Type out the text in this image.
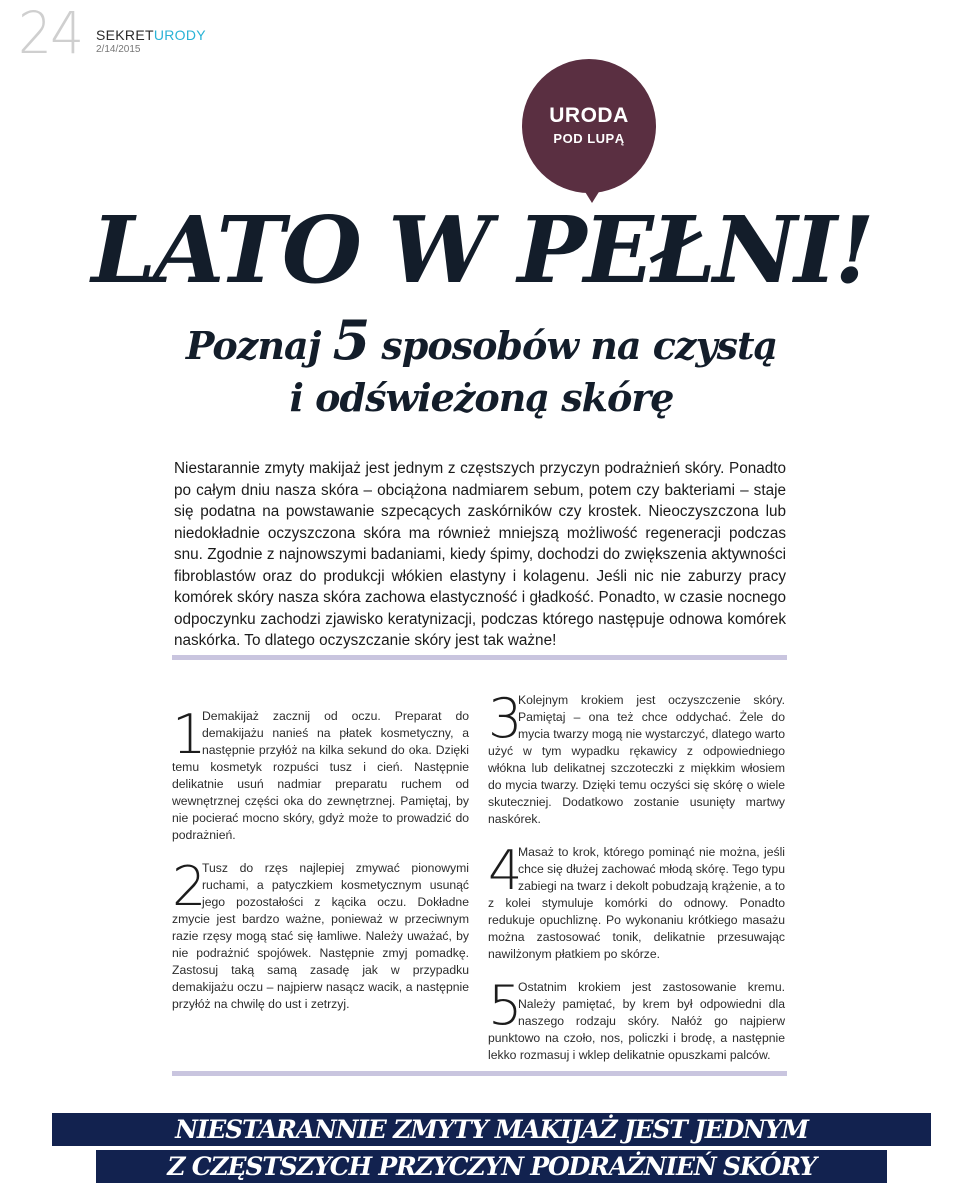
24 SEKRETURODY
2/14/2015
URODA
POD LUPĄ
LATO W PEŁNI!
Poznaj 5 sposobów na czystą
i odświeżoną skórę

Niestarannie zmyty makijaż jest jednym z częstszych przyczyn podrażnień skóry. Ponadto po całym dniu nasza skóra – obciążona nadmiarem sebum, potem czy bakteriami – staje się podatna na powstawanie szpecących zaskórników czy krostek. Nieoczyszczona lub niedokładnie oczyszczona skóra ma również mniejszą możliwość regeneracji podczas snu. Zgodnie z najnowszymi badaniami, kiedy śpimy, dochodzi do zwiększenia aktywności fibroblastów oraz do produkcji włókien elastyny i kolagenu. Jeśli nic nie zaburzy pracy komórek skóry nasza skóra zachowa elastyczność i gładkość. Ponadto, w czasie nocnego odpoczynku zachodzi zjawisko keratynizacji, podczas którego następuje odnowa komórek naskórka. To dlatego oczyszczanie skóry jest tak ważne!

1
Demakijaż zacznij od oczu. Preparat do demakijażu nanieś na płatek kosmetyczny, a następnie przyłóż na kilka sekund do oka. Dzięki temu kosmetyk rozpuści tusz i cień. Następnie delikatnie usuń nadmiar preparatu ruchem od wewnętrznej części oka do zewnętrznej. Pamiętaj, by nie pocierać mocno skóry, gdyż może to prowadzić do podrażnień.
2
Tusz do rzęs najlepiej zmywać pionowymi ruchami, a patyczkiem kosmetycznym usunąć jego pozostałości z kącika oczu. Dokładne zmycie jest bardzo ważne, ponieważ w przeciwnym razie rzęsy mogą stać się łamliwe. Należy uważać, by nie podrażnić spojówek. Następnie zmyj pomadkę. Zastosuj taką samą zasadę jak w przypadku demakijażu oczu – najpierw nasącz wacik, a następnie przyłóż na chwilę do ust i zetrzyj.
3
Kolejnym krokiem jest oczyszczenie skóry. Pamiętaj – ona też chce oddychać. Żele do mycia twarzy mogą nie wystarczyć, dlatego warto użyć w tym wypadku rękawicy z odpowiedniego włókna lub delikatnej szczoteczki z miękkim włosiem do mycia twarzy. Dzięki temu oczyści się skórę o wiele skuteczniej. Dodatkowo zostanie usunięty martwy naskórek.
4
Masaż to krok, którego pominąć nie można, jeśli chce się dłużej zachować młodą skórę. Tego typu zabiegi na twarz i dekolt pobudzają krążenie, a to z kolei stymuluje komórki do odnowy. Ponadto redukuje opuchliznę. Po wykonaniu krótkiego masażu można zastosować tonik, delikatnie przesuwając nawilżonym płatkiem po skórze.
5
Ostatnim krokiem jest zastosowanie kremu. Należy pamiętać, by krem był odpowiedni dla naszego rodzaju skóry. Nałóż go najpierw punktowo na czoło, nos, policzki i brodę, a następnie lekko rozmasuj i wklep delikatnie opuszkami palców.
NIESTARANNIE ZMYTY MAKIJAŻ JEST JEDNYM
Z CZĘSTSZYCH PRZYCZYN PODRAŻNIEŃ SKÓRY
